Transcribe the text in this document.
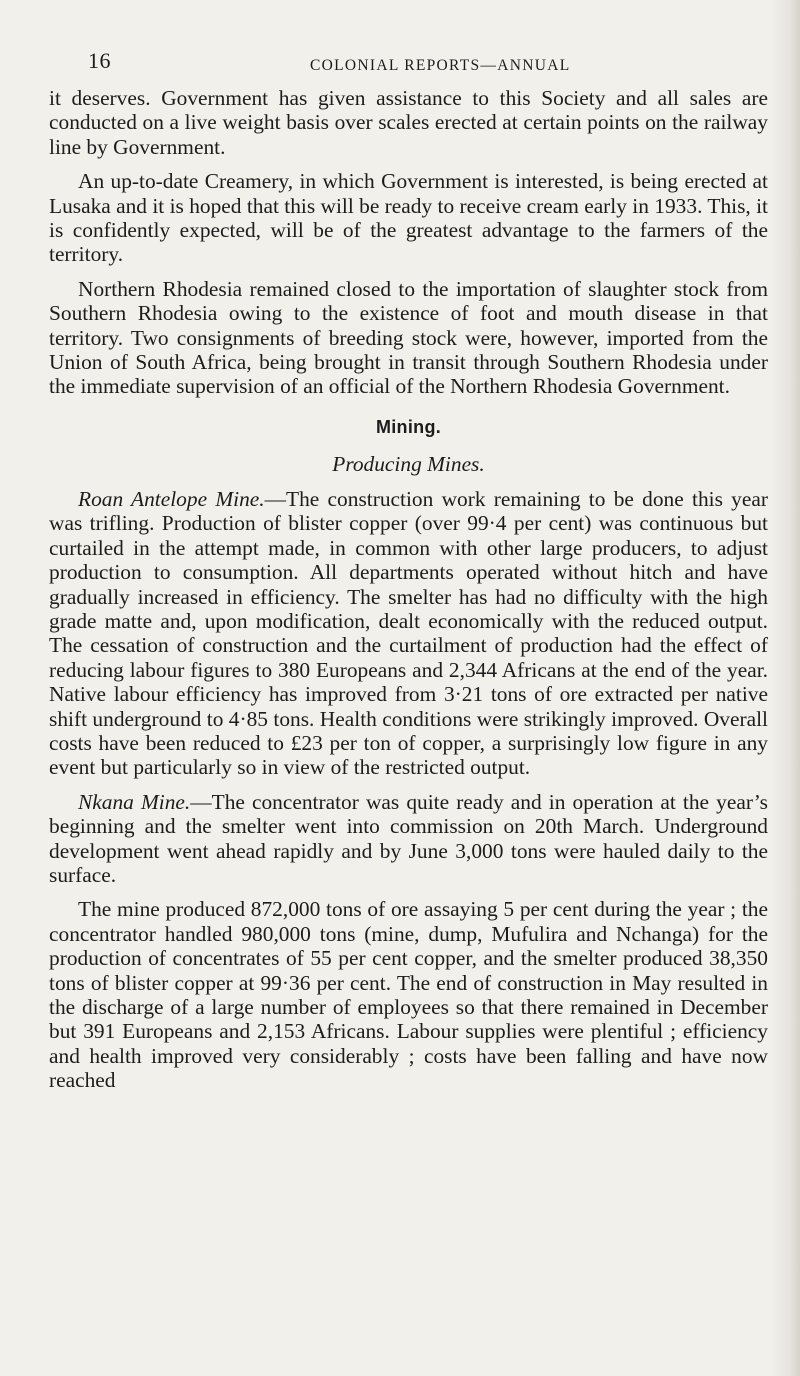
16	COLONIAL REPORTS—ANNUAL

it deserves. Government has given assistance to this Society and all sales are conducted on a live weight basis over scales erected at certain points on the railway line by Government.

An up-to-date Creamery, in which Government is interested, is being erected at Lusaka and it is hoped that this will be ready to receive cream early in 1933. This, it is confidently expected, will be of the greatest advantage to the farmers of the territory.

Northern Rhodesia remained closed to the importation of slaughter stock from Southern Rhodesia owing to the existence of foot and mouth disease in that territory. Two consignments of breeding stock were, however, imported from the Union of South Africa, being brought in transit through Southern Rhodesia under the immediate supervision of an official of the Northern Rhodesia Government.

Mining.
Producing Mines.

Roan Antelope Mine.—The construction work remaining to be done this year was trifling. Production of blister copper (over 99·4 per cent) was continuous but curtailed in the attempt made, in common with other large producers, to adjust production to consumption. All departments operated without hitch and have gradually increased in efficiency. The smelter has had no difficulty with the high grade matte and, upon modification, dealt economically with the reduced output. The cessation of construction and the curtailment of production had the effect of reducing labour figures to 380 Europeans and 2,344 Africans at the end of the year. Native labour efficiency has improved from 3·21 tons of ore extracted per native shift underground to 4·85 tons. Health conditions were strikingly improved. Overall costs have been reduced to £23 per ton of copper, a surprisingly low figure in any event but particularly so in view of the restricted output.

Nkana Mine.—The concentrator was quite ready and in operation at the year’s beginning and the smelter went into commission on 20th March. Underground development went ahead rapidly and by June 3,000 tons were hauled daily to the surface.

The mine produced 872,000 tons of ore assaying 5 per cent during the year ; the concentrator handled 980,000 tons (mine, dump, Mufulira and Nchanga) for the production of concentrates of 55 per cent copper, and the smelter produced 38,350 tons of blister copper at 99·36 per cent. The end of construction in May resulted in the discharge of a large number of employees so that there remained in December but 391 Europeans and 2,153 Africans. Labour supplies were plentiful ; efficiency and health improved very considerably ; costs have been falling and have now reached
